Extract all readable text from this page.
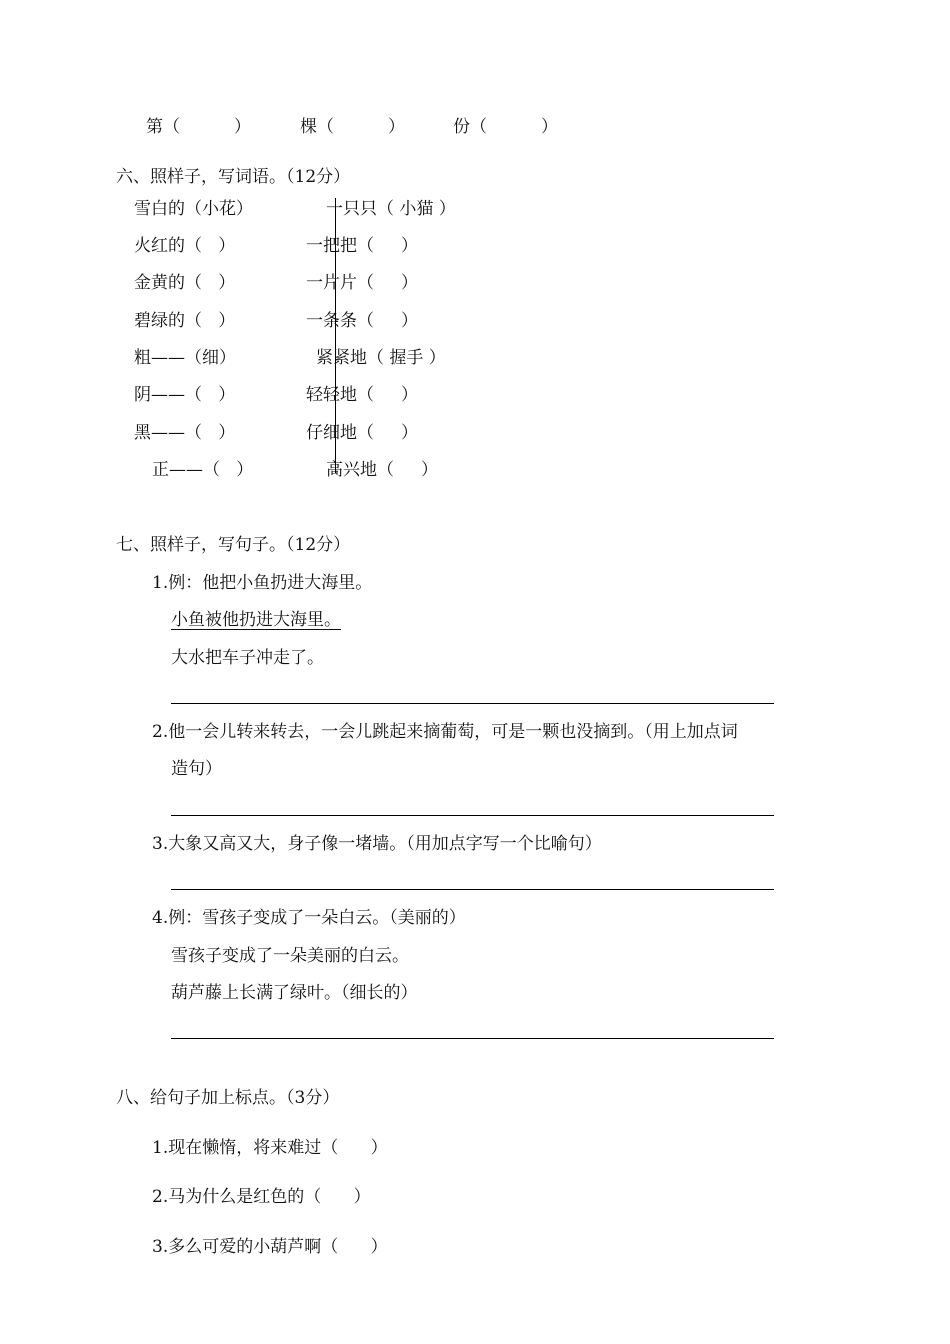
第（          ）	棵（          ）	份（          ）
六、照样子，写词语。（12分）
雪白的（小花）
火红的（   ）
金黄的（   ）
碧绿的（   ）
粗——（细）
阴——（   ）
黑——（   ）
正——（   ）
一只只（ 小猫 ）
一把把（     ）
一片片（     ）
一条条（     ）
紧紧地（ 握手 ）
轻轻地（     ）
仔细地（     ）
高兴地（     ）
七、照样子，写句子。（12分）
1.例：他把小鱼扔进大海里。
小鱼被他扔进大海里。
大水把车子冲走了。
2.他一会儿转来转去，一会儿跳起来摘葡萄，可是一颗也没摘到。（用上加点词
造句）
3.大象又高又大，身子像一堵墙。（用加点字写一个比喻句）
4.例：雪孩子变成了一朵白云。（美丽的）
雪孩子变成了一朵美丽的白云。
葫芦藤上长满了绿叶。（细长的）
八、给句子加上标点。（3分）
1.现在懒惰，将来难过（      ）
2.马为什么是红色的（      ）
3.多么可爱的小葫芦啊（      ）
